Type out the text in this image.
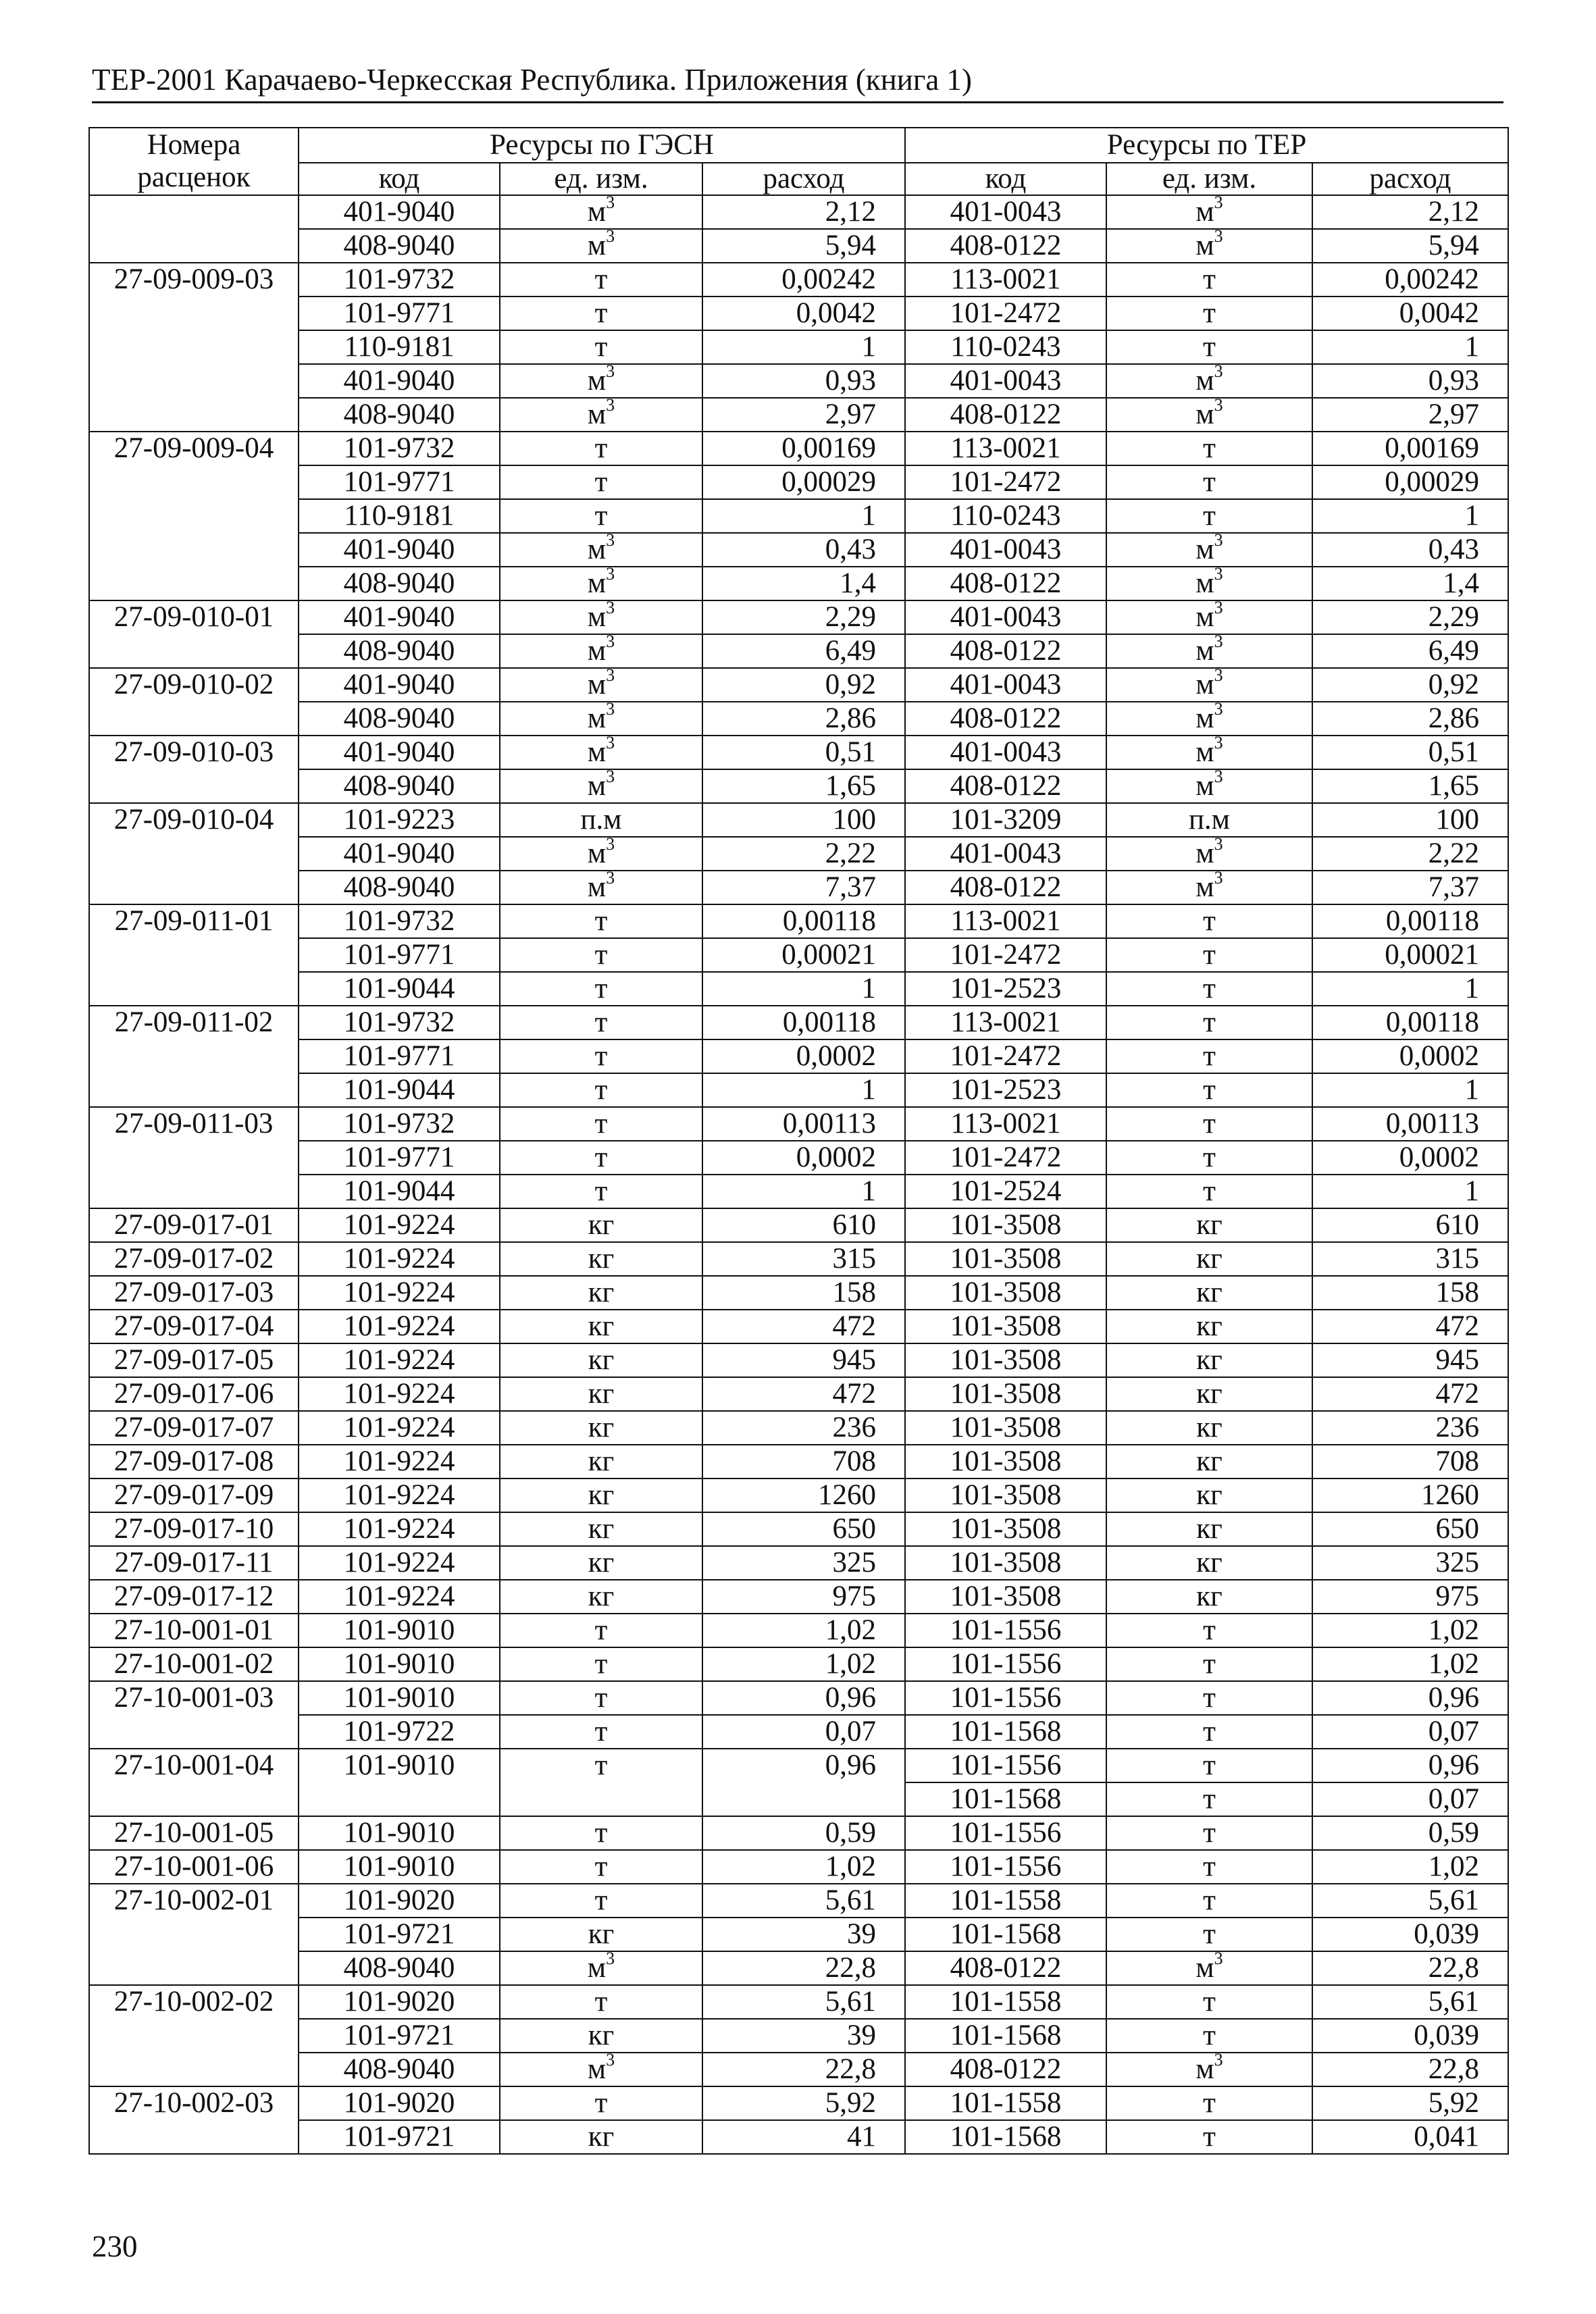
ТЕР-2001 Карачаево-Черкесская Республика. Приложения (книга 1)
Номера расценок	Ресурсы по ГЭСН			Ресурсы по ТЕР		
	код	ед. изм.	расход	код	ед. изм.	расход
	401-9040	$м^3$	2,12	401-0043	$м^3$	2,12
	408-9040	$м^3$	5,94	408-0122	$м^3$	5,94
27-09-009-03	101-9732	т	0,00242	113-0021	т	0,00242
	101-9771	т	0,0042	101-2472	т	0,0042
	110-9181	т	1	110-0243	т	1
	401-9040	$м^3$	0,93	401-0043	$м^3$	0,93
	408-9040	$м^3$	2,97	408-0122	$м^3$	2,97
27-09-009-04	101-9732	т	0,00169	113-0021	т	0,00169
	101-9771	т	0,00029	101-2472	т	0,00029
	110-9181	т	1	110-0243	т	1
	401-9040	$м^3$	0,43	401-0043	$м^3$	0,43
	408-9040	$м^3$	1,4	408-0122	$м^3$	1,4
27-09-010-01	401-9040	$м^3$	2,29	401-0043	$м^3$	2,29
	408-9040	$м^3$	6,49	408-0122	$м^3$	6,49
27-09-010-02	401-9040	$м^3$	0,92	401-0043	$м^3$	0,92
	408-9040	$м^3$	2,86	408-0122	$м^3$	2,86
27-09-010-03	401-9040	$м^3$	0,51	401-0043	$м^3$	0,51
	408-9040	$м^3$	1,65	408-0122	$м^3$	1,65
27-09-010-04	101-9223	п.м	100	101-3209	п.м	100
	401-9040	$м^3$	2,22	401-0043	$м^3$	2,22
	408-9040	$м^3$	7,37	408-0122	$м^3$	7,37
27-09-011-01	101-9732	т	0,00118	113-0021	т	0,00118
	101-9771	т	0,00021	101-2472	т	0,00021
	101-9044	т	1	101-2523	т	1
27-09-011-02	101-9732	т	0,00118	113-0021	т	0,00118
	101-9771	т	0,0002	101-2472	т	0,0002
	101-9044	т	1	101-2523	т	1
27-09-011-03	101-9732	т	0,00113	113-0021	т	0,00113
	101-9771	т	0,0002	101-2472	т	0,0002
	101-9044	т	1	101-2524	т	1
27-09-017-01	101-9224	кг	610	101-3508	кг	610
27-09-017-02	101-9224	кг	315	101-3508	кг	315
27-09-017-03	101-9224	кг	158	101-3508	кг	158
27-09-017-04	101-9224	кг	472	101-3508	кг	472
27-09-017-05	101-9224	кг	945	101-3508	кг	945
27-09-017-06	101-9224	кг	472	101-3508	кг	472
27-09-017-07	101-9224	кг	236	101-3508	кг	236
27-09-017-08	101-9224	кг	708	101-3508	кг	708
27-09-017-09	101-9224	кг	1260	101-3508	кг	1260
27-09-017-10	101-9224	кг	650	101-3508	кг	650
27-09-017-11	101-9224	кг	325	101-3508	кг	325
27-09-017-12	101-9224	кг	975	101-3508	кг	975
27-10-001-01	101-9010	т	1,02	101-1556	т	1,02
27-10-001-02	101-9010	т	1,02	101-1556	т	1,02
27-10-001-03	101-9010	т	0,96	101-1556	т	0,96
	101-9722	т	0,07	101-1568	т	0,07
27-10-001-04	101-9010	т	0,96	101-1556	т	0,96
				101-1568	т	0,07
27-10-001-05	101-9010	т	0,59	101-1556	т	0,59
27-10-001-06	101-9010	т	1,02	101-1556	т	1,02
27-10-002-01	101-9020	т	5,61	101-1558	т	5,61
	101-9721	кг	39	101-1568	т	0,039
	408-9040	$м^3$	22,8	408-0122	$м^3$	22,8
27-10-002-02	101-9020	т	5,61	101-1558	т	5,61
	101-9721	кг	39	101-1568	т	0,039
	408-9040	$м^3$	22,8	408-0122	$м^3$	22,8
27-10-002-03	101-9020	т	5,92	101-1558	т	5,92
	101-9721	кг	41	101-1568	т	0,041
230
